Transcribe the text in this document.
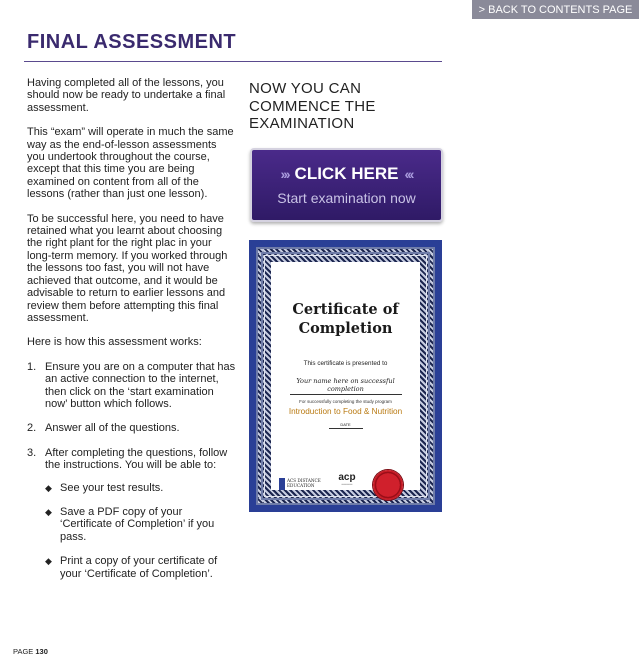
> BACK TO CONTENTS PAGE
FINAL ASSESSMENT

Having completed all of the lessons, you should now be ready to undertake a final assessment.

This “exam” will operate in much the same way as the end-of-lesson assessments you undertook throughout the course, except that this time you are being examined on content from all of the lessons (rather than just one lesson).

To be successful here, you need to have retained what you learnt about choosing the right plant for the right plac in your long-term memory. If you worked through the lessons too fast, you will not have achieved that outcome, and it would be advisable to return to earlier lessons and review them before attempting this final assessment.

Here is how this assessment works:

1. Ensure you are on a computer that has an active connection to the internet, then click on the ‘start examination now’ button which follows.
2. Answer all of the questions.
3. After completing the questions, follow the instructions. You will be able to:
◆ See your test results.
◆ Save a PDF copy of your ‘Certificate of Completion’ if you pass.
◆ Print a copy of your certificate of your ‘Certificate of Completion’.
NOW YOU CAN COMMENCE THE EXAMINATION
››› CLICK HERE ‹‹‹
Start examination now
Certificate of
Completion
This certificate is presented to
Your name here on successful completion
For successfully completing the study program
Introduction to Food & Nutrition
DATE
ACS DISTANCE
EDUCATION
acp
━━━━━━━
PAGE 130
